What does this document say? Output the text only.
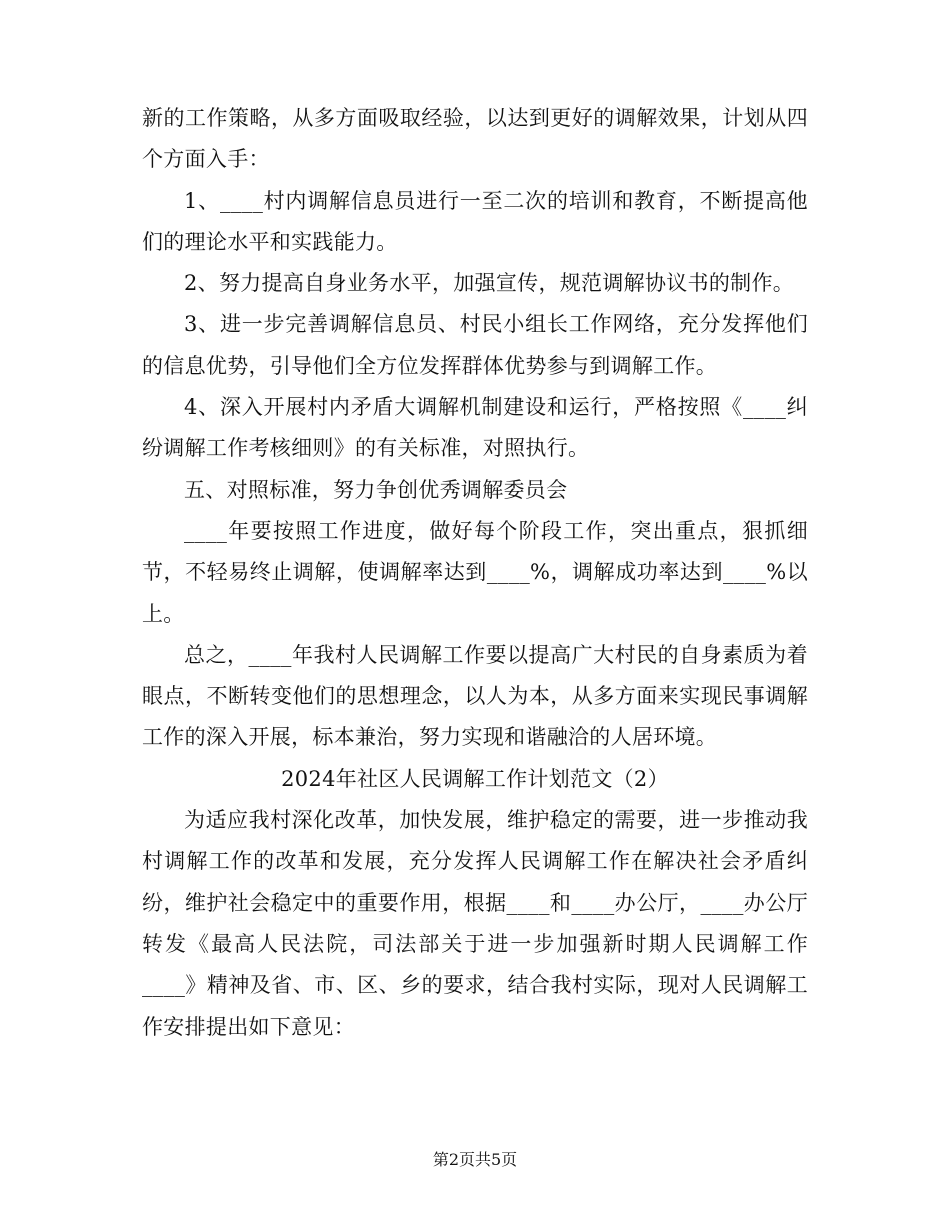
新的工作策略，从多方面吸取经验，以达到更好的调解效果，计划从四个方面入手：

1、____村内调解信息员进行一至二次的培训和教育，不断提高他们的理论水平和实践能力。

2、努力提高自身业务水平，加强宣传，规范调解协议书的制作。

3、进一步完善调解信息员、村民小组长工作网络，充分发挥他们的信息优势，引导他们全方位发挥群体优势参与到调解工作。

4、深入开展村内矛盾大调解机制建设和运行，严格按照《____纠纷调解工作考核细则》的有关标准，对照执行。

五、对照标准，努力争创优秀调解委员会

____年要按照工作进度，做好每个阶段工作，突出重点，狠抓细节，不轻易终止调解，使调解率达到____%，调解成功率达到____%以上。

总之，____年我村人民调解工作要以提高广大村民的自身素质为着眼点，不断转变他们的思想理念，以人为本，从多方面来实现民事调解工作的深入开展，标本兼治，努力实现和谐融洽的人居环境。

2024年社区人民调解工作计划范文（2）

为适应我村深化改革，加快发展，维护稳定的需要，进一步推动我村调解工作的改革和发展，充分发挥人民调解工作在解决社会矛盾纠纷，维护社会稳定中的重要作用，根据____和____办公厅，____办公厅转发《最高人民法院，司法部关于进一步加强新时期人民调解工作____》精神及省、市、区、乡的要求，结合我村实际，现对人民调解工作安排提出如下意见：

第2页共5页
